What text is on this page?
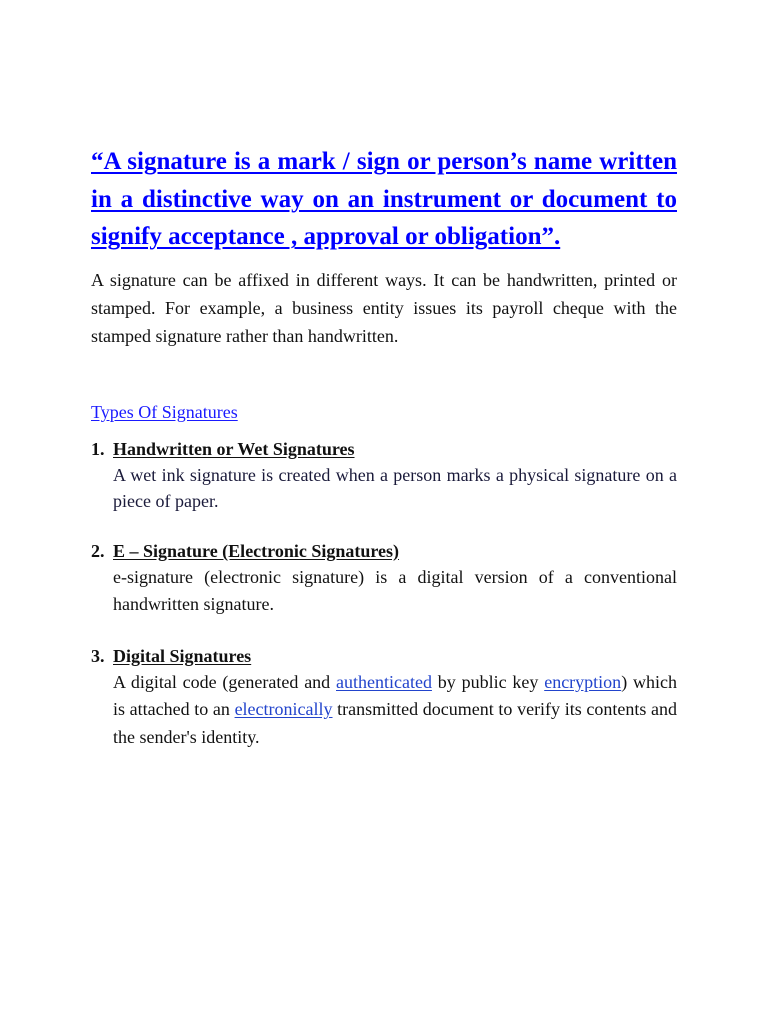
“A signature is a mark / sign or person’s name written in a distinctive way on an instrument or document to signify acceptance , approval or obligation”.

A signature can be affixed in different ways. It can be handwritten, printed or stamped. For example, a business entity issues its payroll cheque with the stamped signature rather than handwritten.

Types Of Signatures
1. Handwritten or Wet Signatures

A wet ink signature is created when a person marks a physical signature on a piece of paper.

2. E – Signature (Electronic Signatures)

e-signature (electronic signature) is a digital version of a conventional handwritten signature.

3. Digital Signatures

A digital code (generated and authenticated by public key encryption) which is attached to an electronically transmitted document to verify its contents and the sender's identity.
